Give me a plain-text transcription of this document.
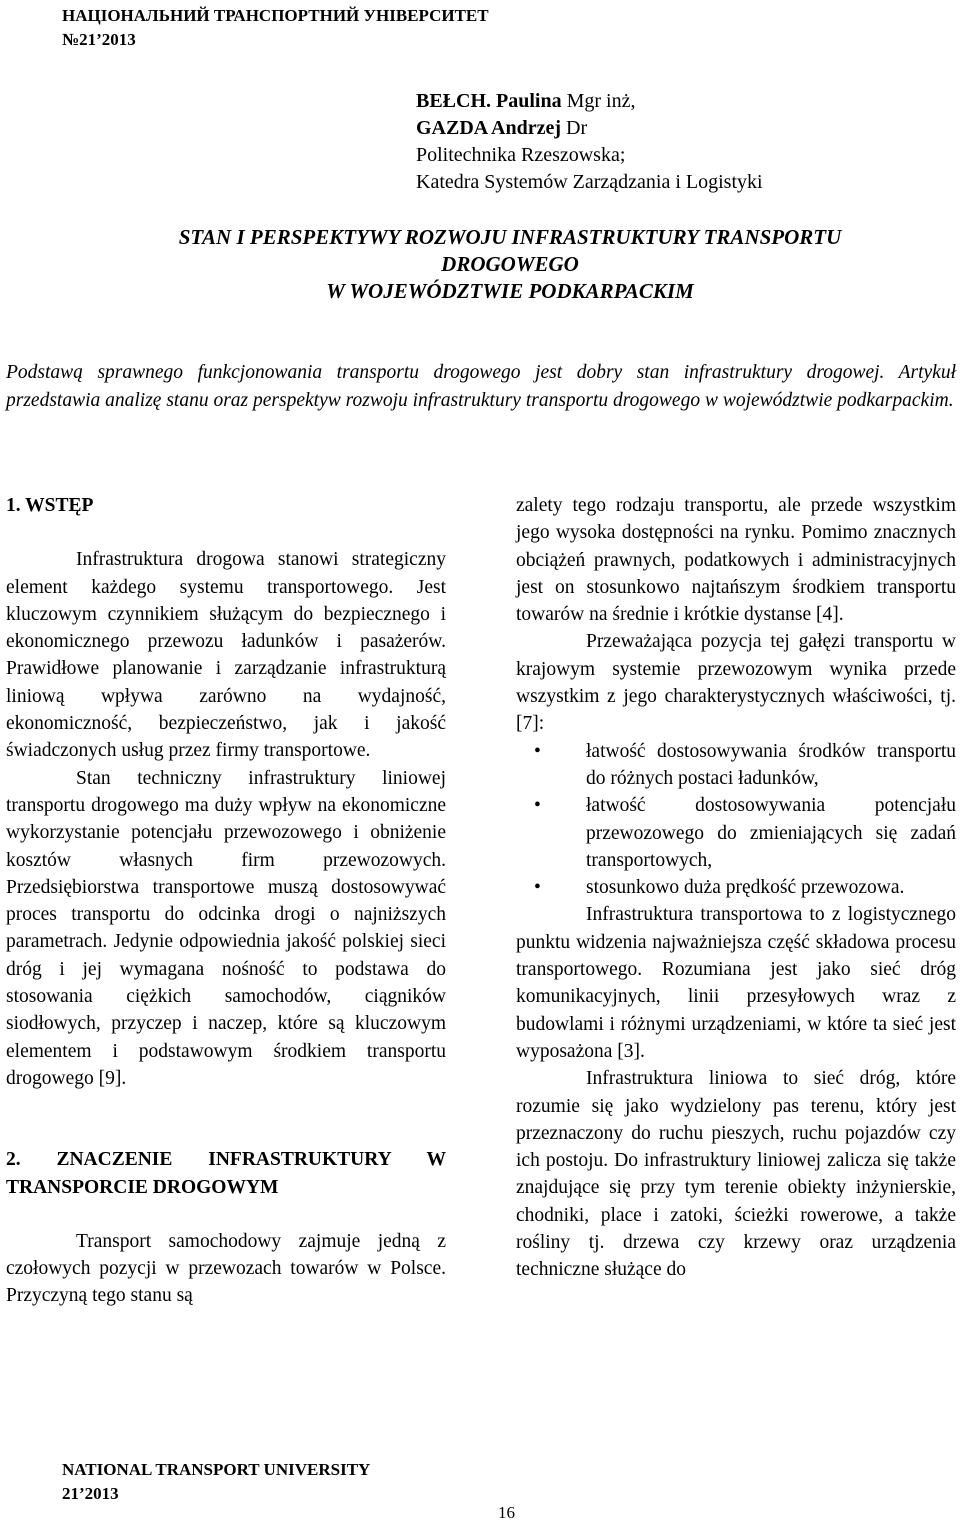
НАЦІОНАЛЬНИЙ ТРАНСПОРТНИЙ УНІВЕРСИТЕТ
№21’2013
BEŁCH. Paulina Mgr inż,
GAZDA Andrzej Dr
Politechnika Rzeszowska;
Katedra Systemów Zarządzania i Logistyki
STAN I PERSPEKTYWY ROZWOJU INFRASTRUKTURY TRANSPORTU
DROGOWEGO
W WOJEWÓDZTWIE PODKARPACKIM
Podstawą sprawnego funkcjonowania transportu drogowego jest dobry stan infrastruktury drogowej. Artykuł przedstawia analizę stanu oraz perspektyw rozwoju infrastruktury transportu drogowego w województwie podkarpackim.

1. WSTĘP

Infrastruktura drogowa stanowi strategiczny element każdego systemu transportowego. Jest kluczowym czynnikiem służącym do bezpiecznego i ekonomicznego przewozu ładunków i pasażerów. Prawidłowe planowanie i zarządzanie infrastrukturą liniową wpływa zarówno na wydajność, ekonomiczność, bezpieczeństwo, jak i jakość świadczonych usług przez firmy transportowe.

Stan techniczny infrastruktury liniowej transportu drogowego ma duży wpływ na ekonomiczne wykorzystanie potencjału przewozowego i obniżenie kosztów własnych firm przewozowych. Przedsiębiorstwa transportowe muszą dostosowywać proces transportu do odcinka drogi o najniższych parametrach. Jedynie odpowiednia jakość polskiej sieci dróg i jej wymagana nośność to podstawa do stosowania ciężkich samochodów, ciągników siodłowych, przyczep i naczep, które są kluczowym elementem i podstawowym środkiem transportu drogowego [9].

2. ZNACZENIE INFRASTRUKTURY W TRANSPORCIE DROGOWYM

Transport samochodowy zajmuje jedną z czołowych pozycji w przewozach towarów w Polsce. Przyczyną tego stanu są

zalety tego rodzaju transportu, ale przede wszystkim jego wysoka dostępności na rynku. Pomimo znacznych obciążeń prawnych, podatkowych i administracyjnych jest on stosunkowo najtańszym środkiem transportu towarów na średnie i krótkie dystanse [4].

Przeważająca pozycja tej gałęzi transportu w krajowym systemie przewozowym wynika przede wszystkim z jego charakterystycznych właściwości, tj. [7]:

• łatwość dostosowywania środków transportu do różnych postaci ładunków,
• łatwość dostosowywania potencjału przewozowego do zmieniających się zadań transportowych,
• stosunkowo duża prędkość przewozowa.

Infrastruktura transportowa to z logistycznego punktu widzenia najważniejsza część składowa procesu transportowego. Rozumiana jest jako sieć dróg komunikacyjnych, linii przesyłowych wraz z budowlami i różnymi urządzeniami, w które ta sieć jest wyposażona [3].

Infrastruktura liniowa to sieć dróg, które rozumie się jako wydzielony pas terenu, który jest przeznaczony do ruchu pieszych, ruchu pojazdów czy ich postoju. Do infrastruktury liniowej zalicza się także znajdujące się przy tym terenie obiekty inżynierskie, chodniki, place i zatoki, ścieżki rowerowe, a także rośliny tj. drzewa czy krzewy oraz urządzenia techniczne służące do

NATIONAL TRANSPORT UNIVERSITY
21’2013
16
